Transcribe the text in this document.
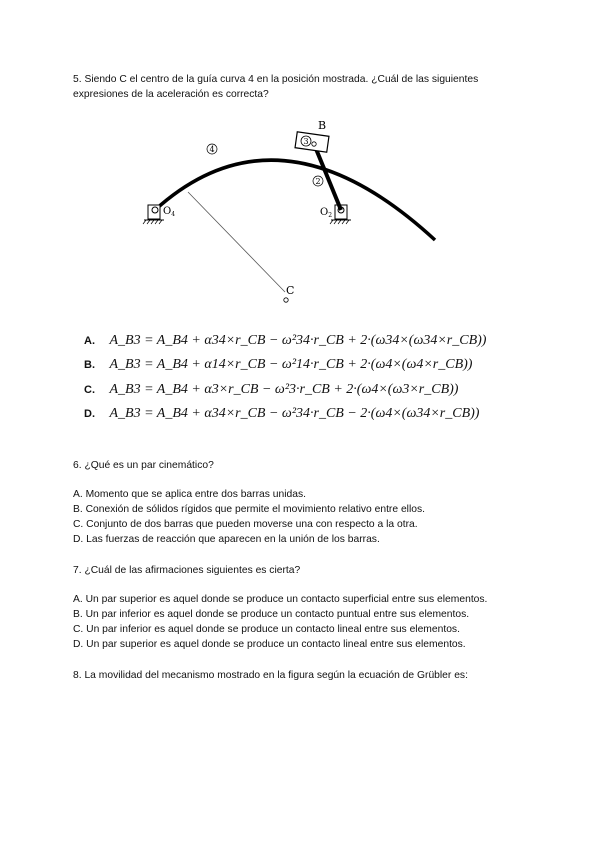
5. Siendo C el centro de la guía curva 4 en la posición mostrada. ¿Cuál de las siguientes

expresiones de la aceleración es correcta?

3
B
4
2
$O_4$	$O_2$
C
A. A_B3 = A_B4 + α34×r_CB − ω²34·r_CB + 2·(ω34×(ω34×r_CB))
B. A_B3 = A_B4 + α14×r_CB − ω²14·r_CB + 2·(ω4×(ω4×r_CB))
C. A_B3 = A_B4 + α3×r_CB − ω²3·r_CB + 2·(ω4×(ω3×r_CB))
D. A_B3 = A_B4 + α34×r_CB − ω²34·r_CB − 2·(ω4×(ω34×r_CB))

6. ¿Qué es un par cinemático?

A. Momento que se aplica entre dos barras unidas.

B. Conexión de sólidos rígidos que permite el movimiento relativo entre ellos.

C. Conjunto de dos barras que pueden moverse una con respecto a la otra.

D. Las fuerzas de reacción que aparecen en la unión de los barras.

7. ¿Cuál de las afirmaciones siguientes es cierta?

A. Un par superior es aquel donde se produce un contacto superficial entre sus elementos.

B. Un par inferior es aquel donde se produce un contacto puntual entre sus elementos.

C. Un par inferior es aquel donde se produce un contacto lineal entre sus elementos.

D. Un par superior es aquel donde se produce un contacto lineal entre sus elementos.

8. La movilidad del mecanismo mostrado en la figura según la ecuación de Grübler es:
